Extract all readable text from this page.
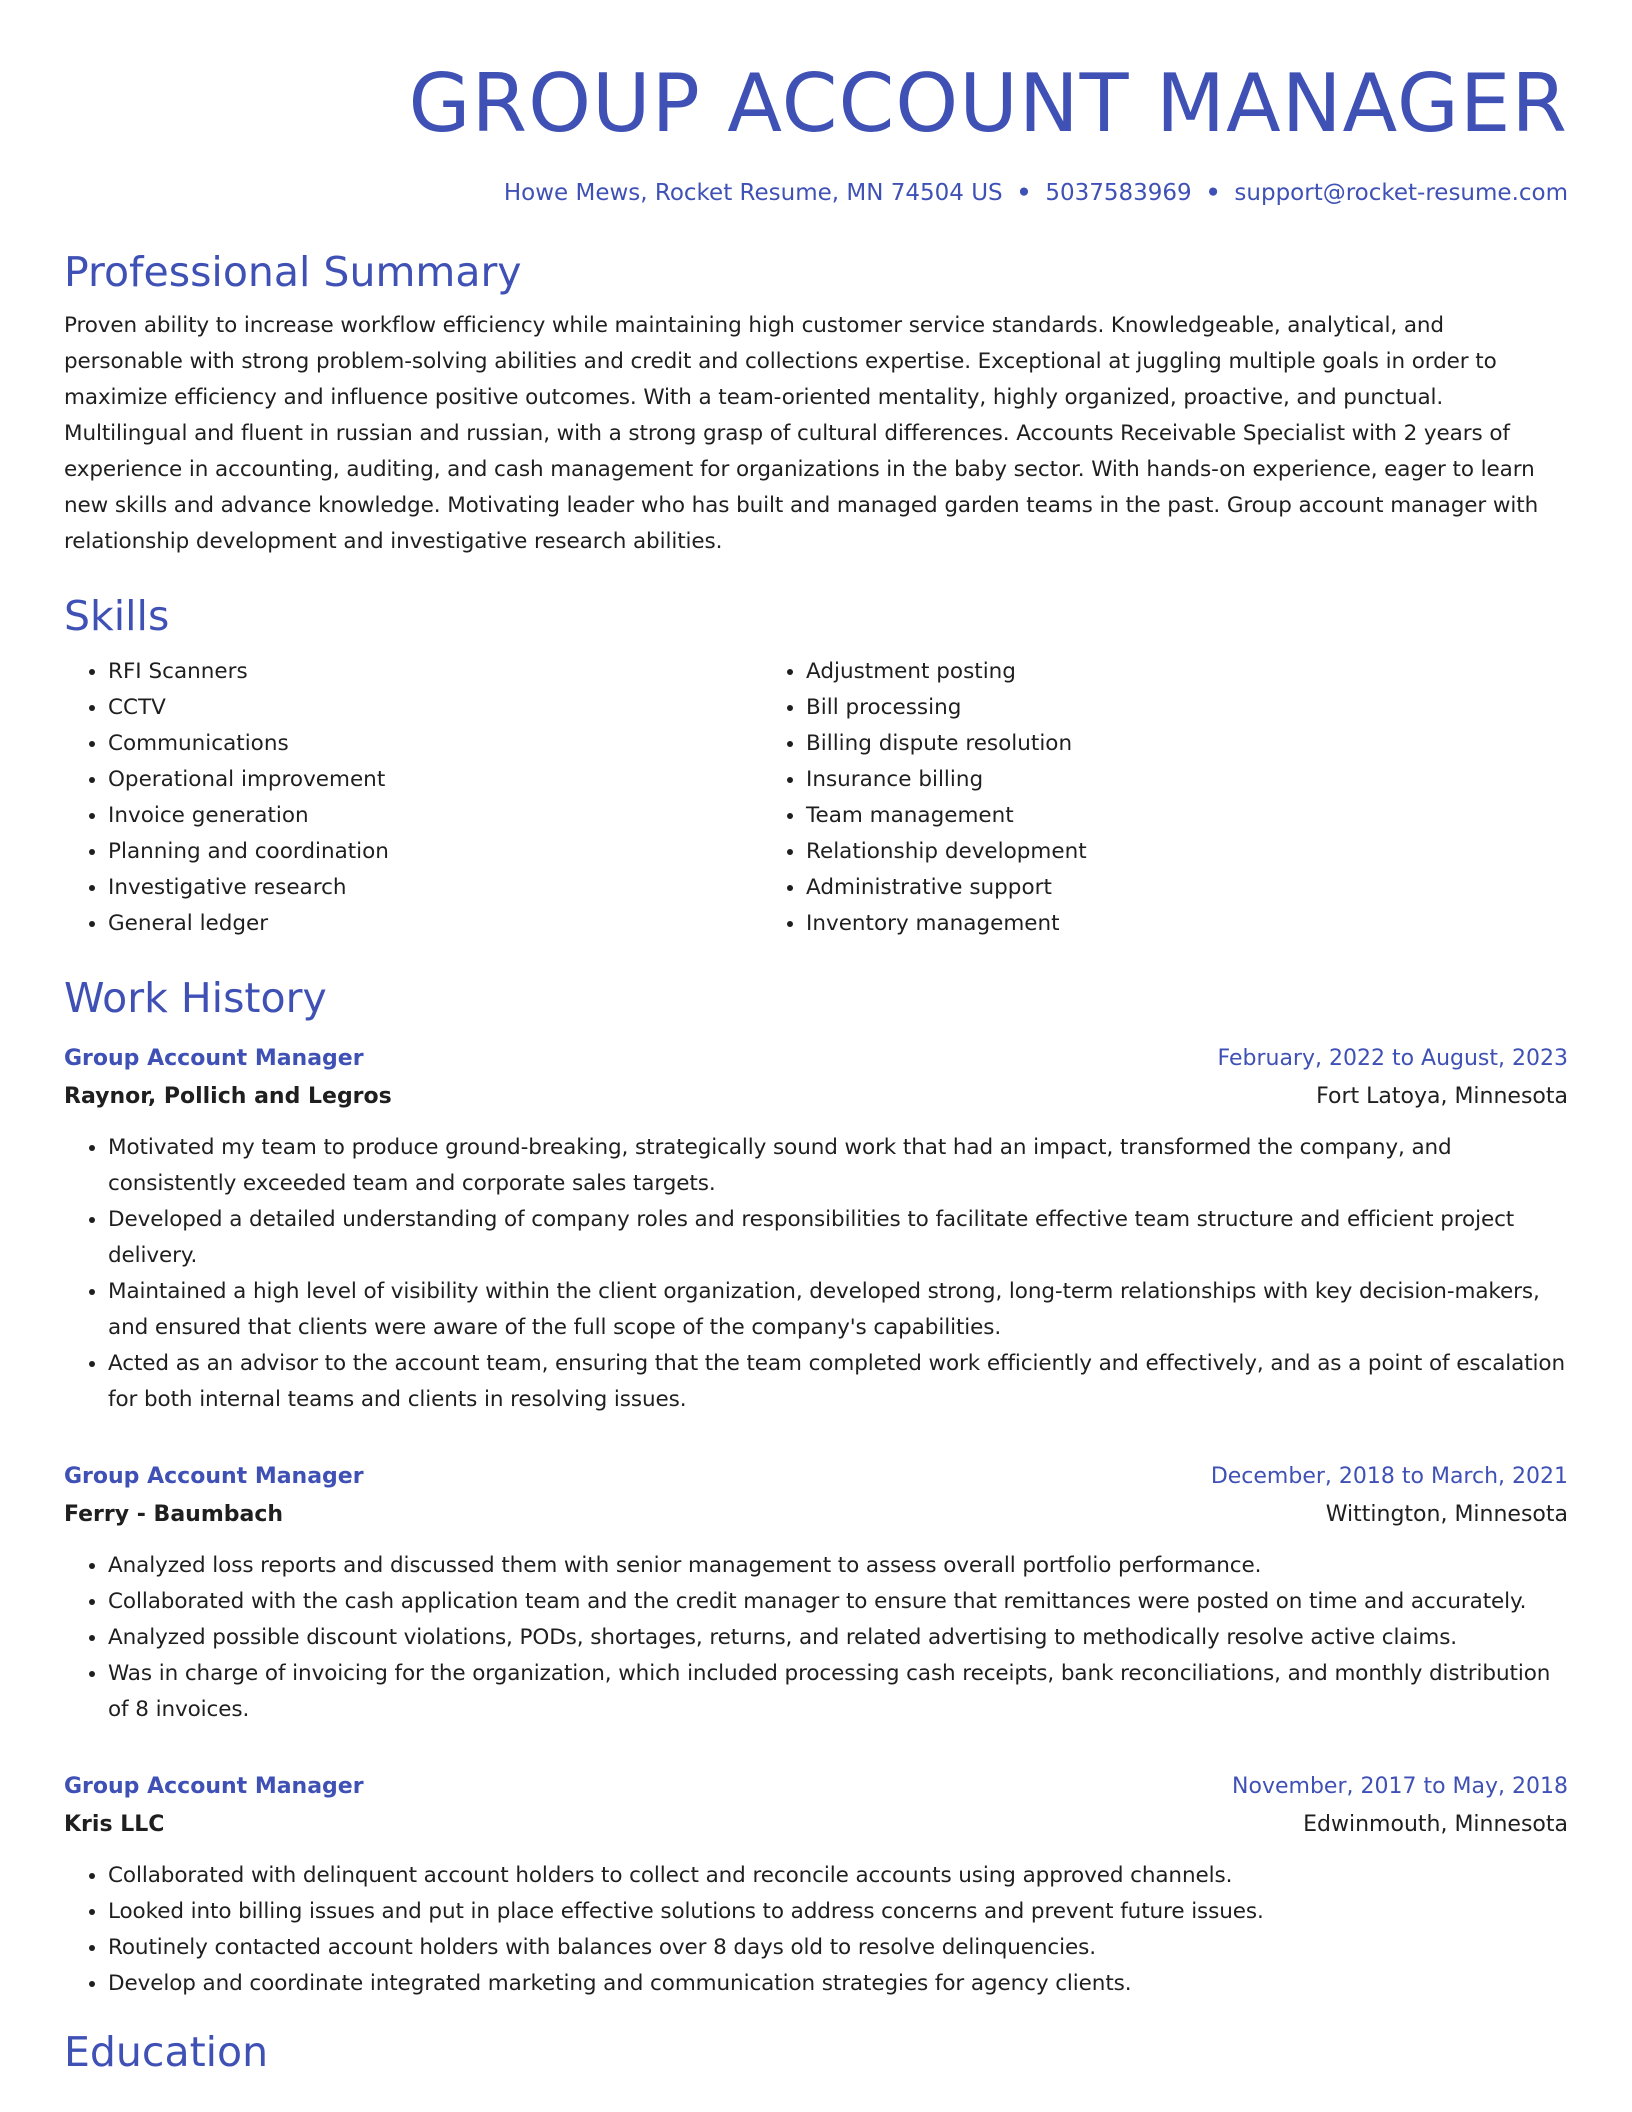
GROUP ACCOUNT MANAGER
Howe Mews, Rocket Resume, MN 74504 US • 5037583969 • support@rocket-resume.com
Professional Summary
Proven ability to increase workflow efficiency while maintaining high customer service standards. Knowledgeable, analytical, and personable with strong problem-solving abilities and credit and collections expertise. Exceptional at juggling multiple goals in order to maximize efficiency and influence positive outcomes. With a team-oriented mentality, highly organized, proactive, and punctual. Multilingual and fluent in russian and russian, with a strong grasp of cultural differences. Accounts Receivable Specialist with 2 years of experience in accounting, auditing, and cash management for organizations in the baby sector. With hands-on experience, eager to learn new skills and advance knowledge. Motivating leader who has built and managed garden teams in the past. Group account manager with relationship development and investigative research abilities.
Skills
• RFI Scanners
• CCTV
• Communications
• Operational improvement
• Invoice generation
• Planning and coordination
• Investigative research
• General ledger
• Adjustment posting
• Bill processing
• Billing dispute resolution
• Insurance billing
• Team management
• Relationship development
• Administrative support
• Inventory management
Work History
Group Account Manager	February, 2022 to August, 2023
Raynor, Pollich and Legros	Fort Latoya, Minnesota
• Motivated my team to produce ground-breaking, strategically sound work that had an impact, transformed the company, and consistently exceeded team and corporate sales targets.
• Developed a detailed understanding of company roles and responsibilities to facilitate effective team structure and efficient project delivery.
• Maintained a high level of visibility within the client organization, developed strong, long-term relationships with key decision-makers, and ensured that clients were aware of the full scope of the company's capabilities.
• Acted as an advisor to the account team, ensuring that the team completed work efficiently and effectively, and as a point of escalation for both internal teams and clients in resolving issues.
Group Account Manager	December, 2018 to March, 2021
Ferry - Baumbach	Wittington, Minnesota
• Analyzed loss reports and discussed them with senior management to assess overall portfolio performance.
• Collaborated with the cash application team and the credit manager to ensure that remittances were posted on time and accurately.
• Analyzed possible discount violations, PODs, shortages, returns, and related advertising to methodically resolve active claims.
• Was in charge of invoicing for the organization, which included processing cash receipts, bank reconciliations, and monthly distribution of 8 invoices.
Group Account Manager	November, 2017 to May, 2018
Kris LLC	Edwinmouth, Minnesota
• Collaborated with delinquent account holders to collect and reconcile accounts using approved channels.
• Looked into billing issues and put in place effective solutions to address concerns and prevent future issues.
• Routinely contacted account holders with balances over 8 days old to resolve delinquencies.
• Develop and coordinate integrated marketing and communication strategies for agency clients.
Education
